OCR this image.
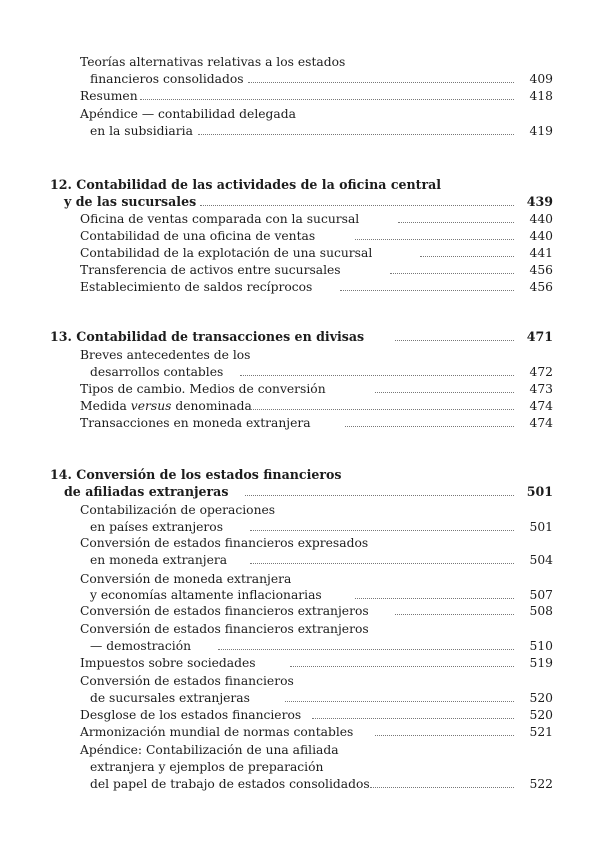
Teorías alternativas relativas a los estados
financieros consolidados	409
Resumen	418
Apéndice — contabilidad delegada
en la subsidiaria	419
12. Contabilidad de las actividades de la oficina central
y de las sucursales	439
Oficina de ventas comparada con la sucursal	440
Contabilidad de una oficina de ventas	440
Contabilidad de la explotación de una sucursal	441
Transferencia de activos entre sucursales	456
Establecimiento de saldos recíprocos	456
13. Contabilidad de transacciones en divisas	471
Breves antecedentes de los
desarrollos contables	472
Tipos de cambio. Medios de conversión	473
Medida versus denominada	474
Transacciones en moneda extranjera	474
14. Conversión de los estados financieros
de afiliadas extranjeras	501
Contabilización de operaciones
en países extranjeros	501
Conversión de estados financieros expresados
en moneda extranjera	504
Conversión de moneda extranjera
y economías altamente inflacionarias	507
Conversión de estados financieros extranjeros	508
Conversión de estados financieros extranjeros
— demostración	510
Impuestos sobre sociedades	519
Conversión de estados financieros
de sucursales extranjeras	520
Desglose de los estados financieros	520
Armonización mundial de normas contables	521
Apéndice: Contabilización de una afiliada
extranjera y ejemplos de preparación
del papel de trabajo de estados consolidados	522
